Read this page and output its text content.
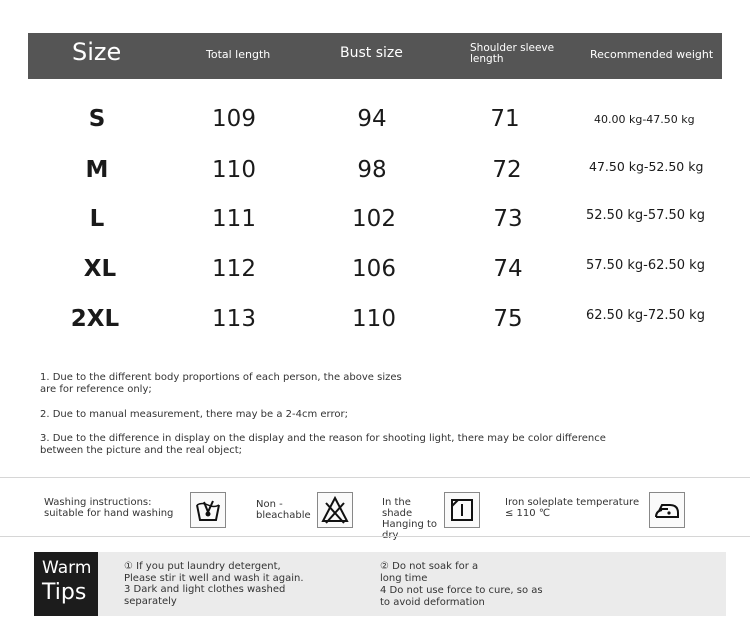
Size	Total length	Bust size	Shoulder sleeve length	Recommended weight
S	109	94	71	40.00 kg-47.50 kg
M	110	98	72	47.50 kg-52.50 kg
L	111	102	73	52.50 kg-57.50 kg
XL	112	106	74	57.50 kg-62.50 kg
2XL	113	110	75	62.50 kg-72.50 kg
1. Due to the different body proportions of each person, the above sizes are for reference only;
2. Due to manual measurement, there may be a 2-4cm error;
3. Due to the difference in display on the display and the reason for shooting light, there may be color difference between the picture and the real object;
Washing instructions: suitable for hand washing
Non -bleachable
In the shade Hanging to
Iron soleplate temperature ≤ 110 ℃
Warm
Tips
① If you put laundry detergent, Please stir it well and wash it again.
3 Dark and light clothes washed separately
② Do not soak for a long time
4 Do not use force to cure, so as to avoid deformation
